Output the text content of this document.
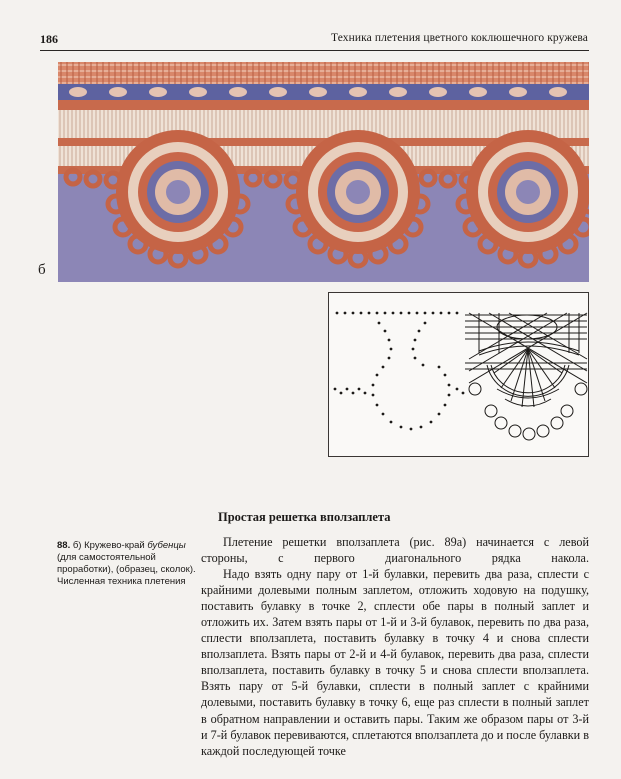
186	Техника плетения цветного коклюшечного кружева
б
Простая решетка вползаплета
88. б) Кружево-край бубенцы (для самостоятельной проработки), (образец, сколок). Численная техника плетения

Плетение решетки вползаплета (рис. 89а) начинается с левой стороны, с первого диагонального рядка накола.

Надо взять одну пару от 1-й булавки, перевить два раза, сплести с крайними долевыми полным заплетом, отложить ходовую на подушку, поставить булавку в точке 2, сплести обе пары в полный заплет и отложить их. Затем взять пары от 1-й и 3-й булавок, перевить по два раза, сплести вползаплета, поставить булавку в точку 4 и снова сплести вползаплета. Взять пары от 2-й и 4-й булавок, перевить два раза, сплести вползаплета, поставить булавку в точку 5 и снова сплести вползаплета. Взять пару от 5-й булавки, сплести в полный заплет с крайними долевыми, поставить булавку в точку 6, еще раз сплести в полный заплет в обратном направлении и оставить пары. Таким же образом пары от 3-й и 7-й булавок перевиваются, сплетаются вползаплета до и после булавки в каждой последующей точке
